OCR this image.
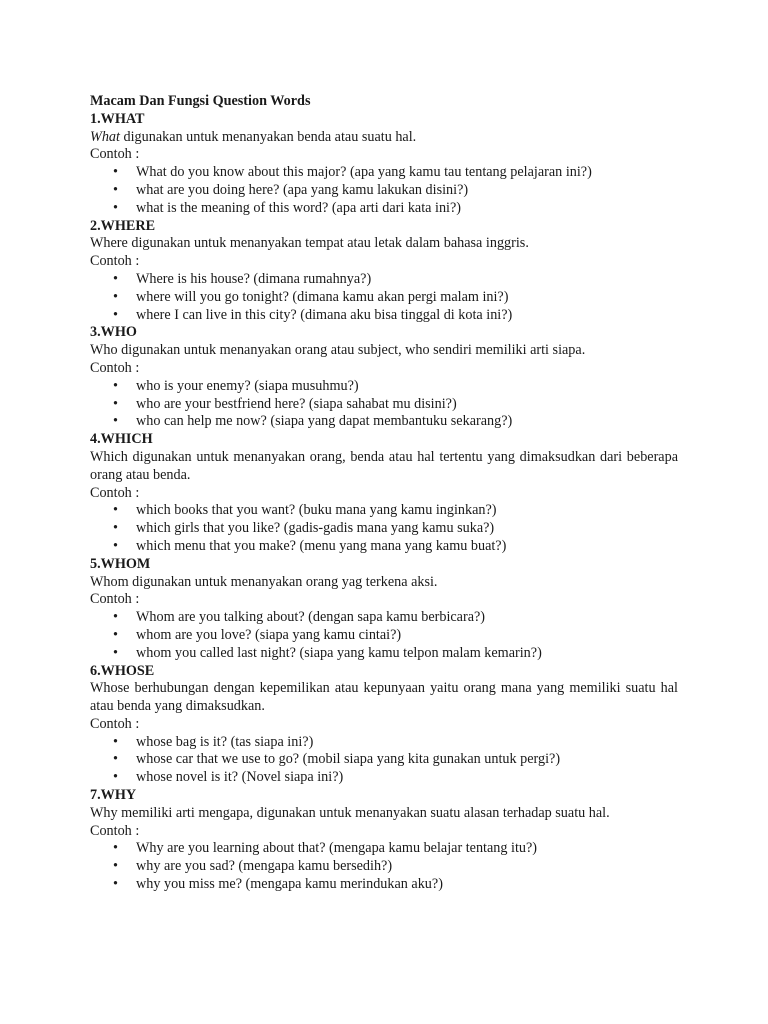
Macam Dan Fungsi Question Words

1.WHAT

What digunakan untuk menanyakan benda atau suatu hal.

Contoh :

• What do you know about this major? (apa yang kamu tau tentang pelajaran ini?)
• what are you doing here? (apa yang kamu lakukan disini?)
• what is the meaning of this word? (apa arti dari kata ini?)

2.WHERE

Where digunakan untuk menanyakan tempat atau letak dalam bahasa inggris.

Contoh :

• Where is his house? (dimana rumahnya?)
• where will you go tonight? (dimana kamu akan pergi malam ini?)
• where I can live in this city? (dimana aku bisa tinggal di kota ini?)

3.WHO

Who digunakan untuk menanyakan orang atau subject, who sendiri memiliki arti siapa.

Contoh :

• who is your enemy? (siapa musuhmu?)
• who are your bestfriend here? (siapa sahabat mu disini?)
• who can help me now? (siapa yang dapat membantuku sekarang?)

4.WHICH

Which digunakan untuk menanyakan orang, benda atau hal tertentu yang dimaksudkan dari beberapa orang atau benda.

Contoh :

• which books that you want? (buku mana yang kamu inginkan?)
• which girls that you like? (gadis-gadis mana yang kamu suka?)
• which menu that you make? (menu yang mana yang kamu buat?)

5.WHOM

Whom digunakan untuk menanyakan orang yag terkena aksi.

Contoh :

• Whom are you talking about? (dengan sapa kamu berbicara?)
• whom are you love? (siapa yang kamu cintai?)
• whom you called last night? (siapa yang kamu telpon malam kemarin?)

6.WHOSE

Whose berhubungan dengan kepemilikan atau kepunyaan yaitu orang mana yang memiliki suatu hal atau benda yang dimaksudkan.

Contoh :

• whose bag is it? (tas siapa ini?)
• whose car that we use to go? (mobil siapa yang kita gunakan untuk pergi?)
• whose novel is it? (Novel siapa ini?)

7.WHY

Why memiliki arti mengapa, digunakan untuk menanyakan suatu alasan terhadap suatu hal.

Contoh :

• Why are you learning about that? (mengapa kamu belajar tentang itu?)
• why are you sad? (mengapa kamu bersedih?)
• why you miss me? (mengapa kamu merindukan aku?)
